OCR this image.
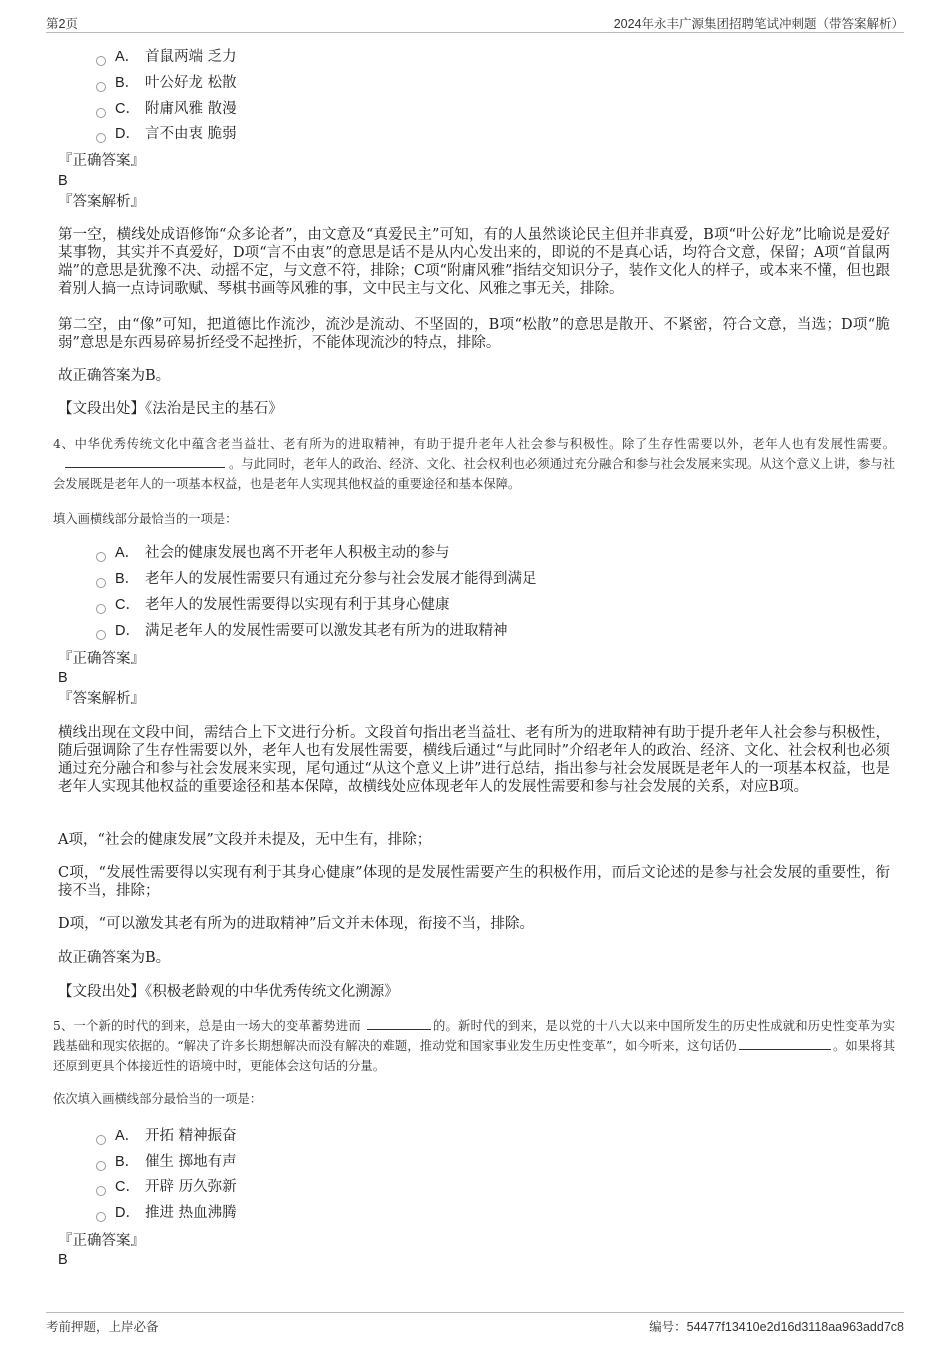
第2页	2024年永丰广源集团招聘笔试冲刺题（带答案解析）
A． 首鼠两端 乏力
B． 叶公好龙 松散
C． 附庸风雅 散漫
D． 言不由衷 脆弱
『正确答案』
B
『答案解析』
第一空，横线处成语修饰“众多论者”，由文意及“真爱民主”可知，有的人虽然谈论民主但并非真爱，B项“叶公好龙”比喻说是爱好某事物，其实并不真爱好，D项“言不由衷”的意思是话不是从内心发出来的，即说的不是真心话，均符合文意，保留；A项“首鼠两端”的意思是犹豫不决、动摇不定，与文意不符，排除；C项“附庸风雅”指结交知识分子，装作文化人的样子，或本来不懂，但也跟着别人搞一点诗词歌赋、琴棋书画等风雅的事，文中民主与文化、风雅之事无关，排除。
第二空，由“像”可知，把道德比作流沙，流沙是流动、不坚固的，B项“松散”的意思是散开、不紧密，符合文意，当选；D项“脆弱”意思是东西易碎易折经受不起挫折，不能体现流沙的特点，排除。
故正确答案为B。
【文段出处】《法治是民主的基石》
4、中华优秀传统文化中蕴含老当益壮、老有所为的进取精神，有助于提升老年人社会参与积极性。除了生存性需要以外，老年人也有发展性需要。。与此同时，老年人的政治、经济、文化、社会权利也必须通过充分融合和参与社会发展来实现。从这个意义上讲，参与社会发展既是老年人的一项基本权益，也是老年人实现其他权益的重要途径和基本保障。
填入画横线部分最恰当的一项是：
A． 社会的健康发展也离不开老年人积极主动的参与
B． 老年人的发展性需要只有通过充分参与社会发展才能得到满足
C． 老年人的发展性需要得以实现有利于其身心健康
D． 满足老年人的发展性需要可以激发其老有所为的进取精神
『正确答案』
B
『答案解析』
横线出现在文段中间，需结合上下文进行分析。文段首句指出老当益壮、老有所为的进取精神有助于提升老年人社会参与积极性，随后强调除了生存性需要以外，老年人也有发展性需要，横线后通过“与此同时”介绍老年人的政治、经济、文化、社会权利也必须通过充分融合和参与社会发展来实现，尾句通过“从这个意义上讲”进行总结，指出参与社会发展既是老年人的一项基本权益，也是老年人实现其他权益的重要途径和基本保障，故横线处应体现老年人的发展性需要和参与社会发展的关系，对应B项。
A项，“社会的健康发展”文段并未提及，无中生有，排除；
C项，“发展性需要得以实现有利于其身心健康”体现的是发展性需要产生的积极作用，而后文论述的是参与社会发展的重要性，衔接不当，排除；
D项，“可以激发其老有所为的进取精神”后文并未体现，衔接不当，排除。
故正确答案为B。
【文段出处】《积极老龄观的中华优秀传统文化溯源》
5、一个新的时代的到来，总是由一场大的变革蓄势进而	的。新时代的到来，是以党的十八大以来中国所发生的历史性成就和历史性变革为实践基础和现实依据的。“解决了许多长期想解决而没有解决的难题，推动党和国家事业发生历史性变革”，如今听来，这句话仍	。如果将其还原到更具个体接近性的语境中时，更能体会这句话的分量。
依次填入画横线部分最恰当的一项是：
A． 开拓 精神振奋
B． 催生 掷地有声
C． 开辟 历久弥新
D． 推进 热血沸腾
『正确答案』
B
考前押题，上岸必备	编号：54477f13410e2d16d3118aa963add7c8
